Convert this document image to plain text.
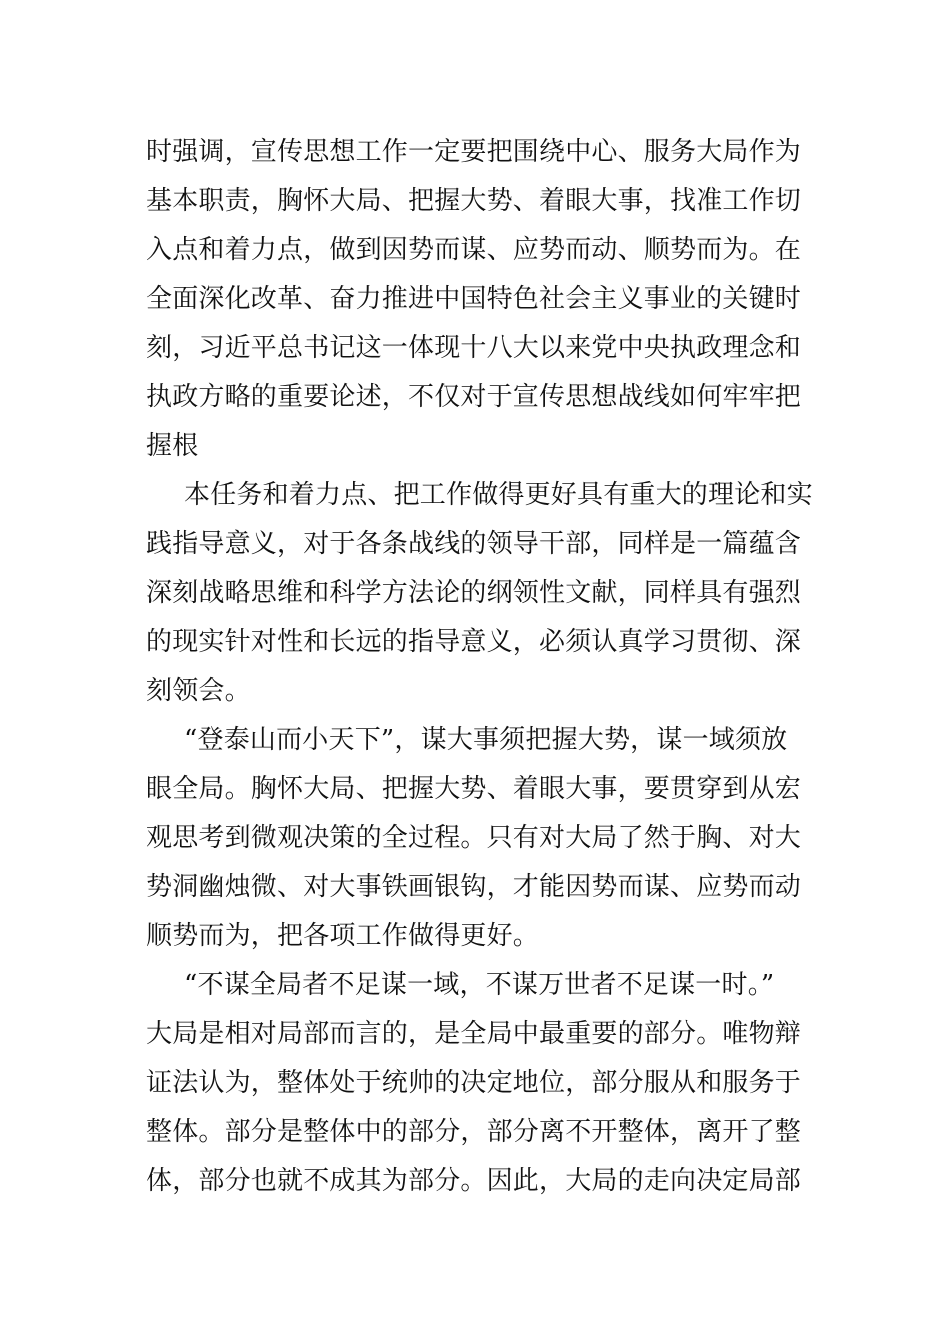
时强调，宣传思想工作一定要把围绕中心、服务大局作为
基本职责，胸怀大局、把握大势、着眼大事，找准工作切
入点和着力点，做到因势而谋、应势而动、顺势而为。在
全面深化改革、奋力推进中国特色社会主义事业的关键时
刻，习近平总书记这一体现十八大以来党中央执政理念和
执政方略的重要论述，不仅对于宣传思想战线如何牢牢把
握根
本任务和着力点、把工作做得更好具有重大的理论和实
践指导意义，对于各条战线的领导干部，同样是一篇蕴含
深刻战略思维和科学方法论的纲领性文献，同样具有强烈
的现实针对性和长远的指导意义，必须认真学习贯彻、深
刻领会。
“登泰山而小天下”，谋大事须把握大势，谋一域须放
眼全局。胸怀大局、把握大势、着眼大事，要贯穿到从宏
观思考到微观决策的全过程。只有对大局了然于胸、对大
势洞幽烛微、对大事铁画银钩，才能因势而谋、应势而动
顺势而为，把各项工作做得更好。
“不谋全局者不足谋一域，不谋万世者不足谋一时。”
大局是相对局部而言的，是全局中最重要的部分。唯物辩
证法认为，整体处于统帅的决定地位，部分服从和服务于
整体。部分是整体中的部分，部分离不开整体，离开了整
体，部分也就不成其为部分。因此，大局的走向决定局部
